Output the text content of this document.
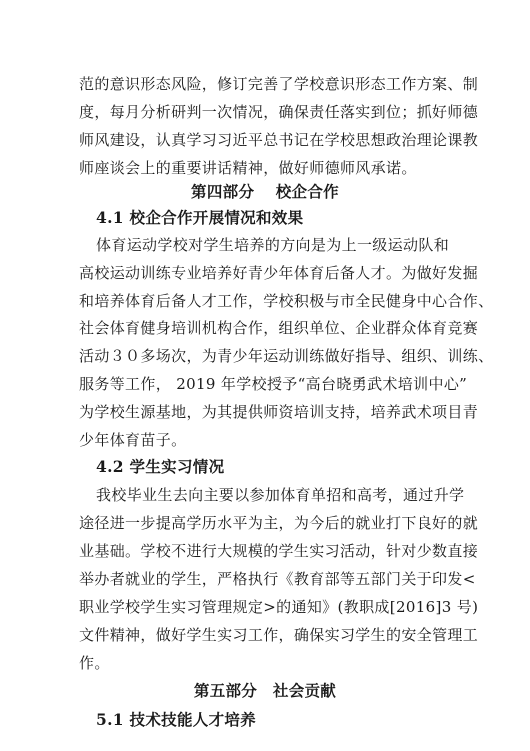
范的意识形态风险，修订完善了学校意识形态工作方案、制
度，每月分析研判一次情况，确保责任落实到位；抓好师德
师风建设，认真学习习近平总书记在学校思想政治理论课教
师座谈会上的重要讲话精神，做好师德师风承诺。
第四部分　 校企合作
4.1 校企合作开展情况和效果
体育运动学校对学生培养的方向是为上一级运动队和
高校运动训练专业培养好青少年体育后备人才。为做好发掘
和培养体育后备人才工作，学校积极与市全民健身中心合作、
社会体育健身培训机构合作，组织单位、企业群众体育竞赛
活动３０多场次，为青少年运动训练做好指导、组织、训练、
服务等工作， 2019 年学校授予“高台晓勇武术培训中心”
为学校生源基地，为其提供师资培训支持，培养武术项目青
少年体育苗子。
4.2 学生实习情况
我校毕业生去向主要以参加体育单招和高考，通过升学
途径进一步提高学历水平为主，为今后的就业打下良好的就
业基础。学校不进行大规模的学生实习活动，针对少数直接
举办者就业的学生，严格执行《教育部等五部门关于印发<
职业学校学生实习管理规定>的通知》(教职成[2016]3 号)
文件精神，做好学生实习工作，确保实习学生的安全管理工
作。
第五部分　社会贡献
5.1 技术技能人才培养
